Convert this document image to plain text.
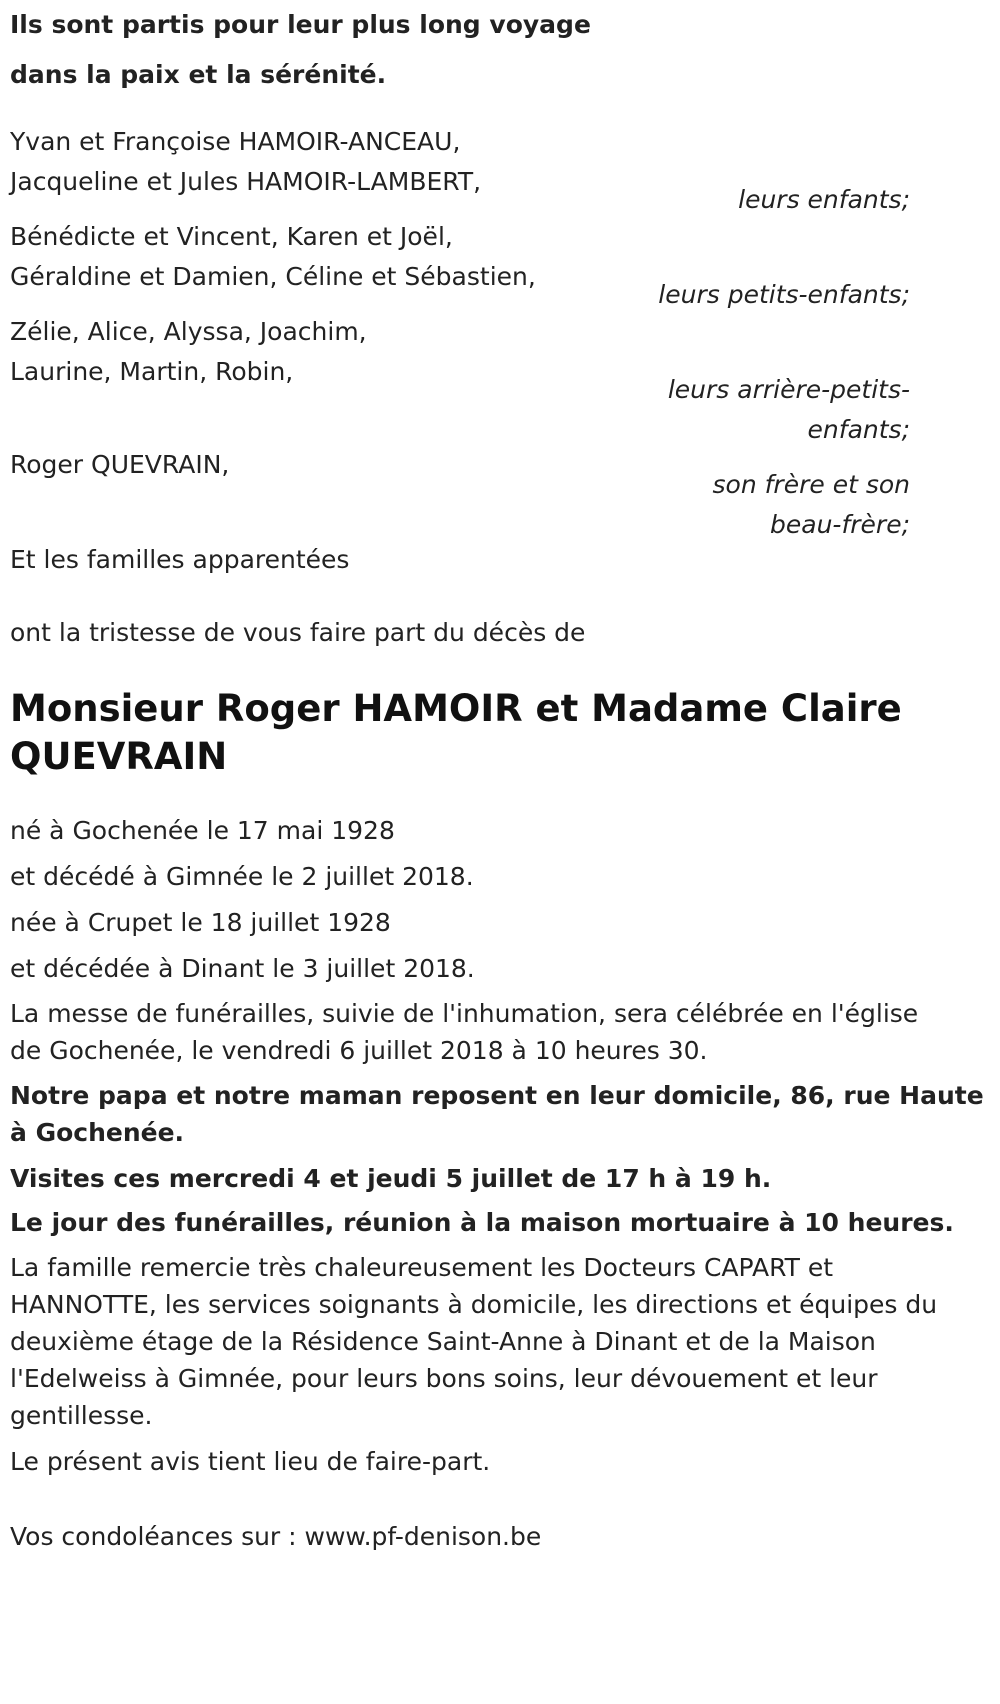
Ils sont partis pour leur plus long voyage
dans la paix et la sérénité.
Yvan et Françoise HAMOIR-ANCEAU,
Jacqueline et Jules HAMOIR-LAMBERT,
leurs enfants;
Bénédicte et Vincent, Karen et Joël,
Géraldine et Damien, Céline et Sébastien,
leurs petits-enfants;
Zélie, Alice, Alyssa, Joachim,
Laurine, Martin, Robin,
leurs arrière-petits-
enfants;
Roger QUEVRAIN,
son frère et son
beau-frère;
Et les familles apparentées
ont la tristesse de vous faire part du décès de
Monsieur Roger HAMOIR et Madame Claire
QUEVRAIN
né à Gochenée le 17 mai 1928
et décédé à Gimnée le 2 juillet 2018.
née à Crupet le 18 juillet 1928
et décédée à Dinant le 3 juillet 2018.
La messe de funérailles, suivie de l'inhumation, sera célébrée en l'église
de Gochenée, le vendredi 6 juillet 2018 à 10 heures 30.
Notre papa et notre maman reposent en leur domicile, 86, rue Haute
à Gochenée.
Visites ces mercredi 4 et jeudi 5 juillet de 17 h à 19 h.
Le jour des funérailles, réunion à la maison mortuaire à 10 heures.
La famille remercie très chaleureusement les Docteurs CAPART et
HANNOTTE, les services soignants à domicile, les directions et équipes du
deuxième étage de la Résidence Saint-Anne à Dinant et de la Maison
l'Edelweiss à Gimnée, pour leurs bons soins, leur dévouement et leur
gentillesse.
Le présent avis tient lieu de faire-part.
Vos condoléances sur : www.pf-denison.be
